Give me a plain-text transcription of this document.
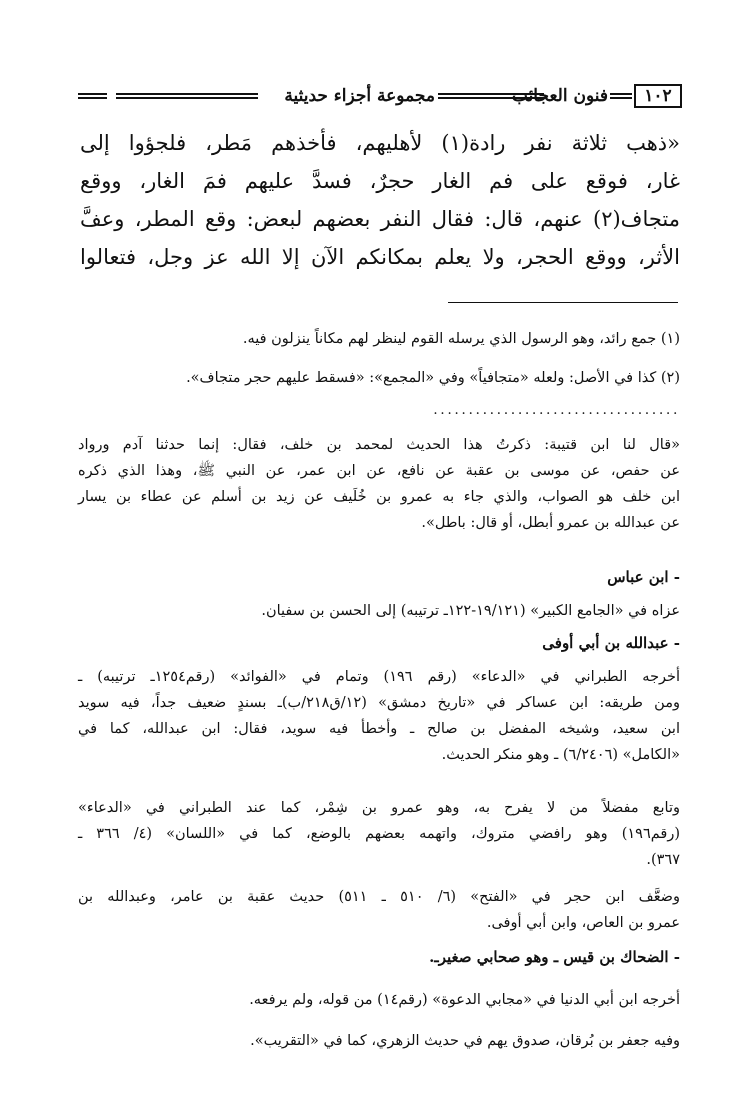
١٠٢
فنون العجائب
مجموعة أجزاء حديثية

«ذهب ثلاثة نفر رادة(١) لأهليهم، فأخذهم مَطر، فلجؤوا إلى
غار، فوقع على فم الغار حجرٌ، فسدَّ عليهم فمَ الغار، ووقع
متجاف(٢) عنهم، قال: فقال النفر بعضهم لبعض: وقع المطر، وعفَّ
الأثر، ووقع الحجر، ولا يعلم بمكانكم الآن إلا الله عز وجل، فتعالوا

(١) جمع رائد، وهو الرسول الذي يرسله القوم لينظر لهم مكاناً ينزلون فيه.
(٢) كذا في الأصل: ولعله «متجافياً» وفي «المجمع»: «فسقط عليهم حجر متجاف».
...................................
«قال لنا ابن قتيبة: ذكرتُ هذا الحديث لمحمد بن خلف، فقال: إنما حدثنا آدم ورواد
عن حفص، عن موسى بن عقبة عن نافع، عن ابن عمر، عن النبي ﷺ، وهذا الذي ذكره
ابن خلف هو الصواب، والذي جاء به عمرو بن خُلَيف عن زيد بن أسلم عن عطاء بن يسار
عن عبدالله بن عمرو أبطل، أو قال: باطل».
- ابن عباس
عزاه في «الجامع الكبير» (١٩/١٢١-١٢٢ـ ترتيبه) إلى الحسن بن سفيان.
- عبدالله بن أبي أوفى
أخرجه الطبراني في «الدعاء» (رقم ١٩٦) وتمام في «الفوائد» (رقم١٢٥٤ـ ترتيبه) ـ
ومن طريقه: ابن عساكر في «تاريخ دمشق» (١٢/ق٢١٨/ب)ـ بسندٍ ضعيف جداً، فيه سويد
ابن سعيد، وشيخه المفضل بن صالح ـ وأخطأ فيه سويد، فقال: ابن عبدالله، كما في
«الكامل» (٦/٢٤٠٦) ـ وهو منكر الحديث.
وتابع مفضلاً من لا يفرح به، وهو عمرو بن شِمْر، كما عند الطبراني في «الدعاء»
(رقم١٩٦) وهو رافضي متروك، واتهمه بعضهم بالوضع، كما في «اللسان» (٤/ ٣٦٦ ـ
٣٦٧).
وضعَّف ابن حجر في «الفتح» (٦/ ٥١٠ ـ ٥١١) حديث عقبة بن عامر، وعبدالله بن
عمرو بن العاص، وابن أبي أوفى.
- الضحاك بن قيس ـ وهو صحابي صغيرـ.
أخرجه ابن أبي الدنيا في «مجابي الدعوة» (رقم١٤) من قوله، ولم يرفعه.
وفيه جعفر بن بُرقان، صدوق يهم في حديث الزهري، كما في «التقريب».
